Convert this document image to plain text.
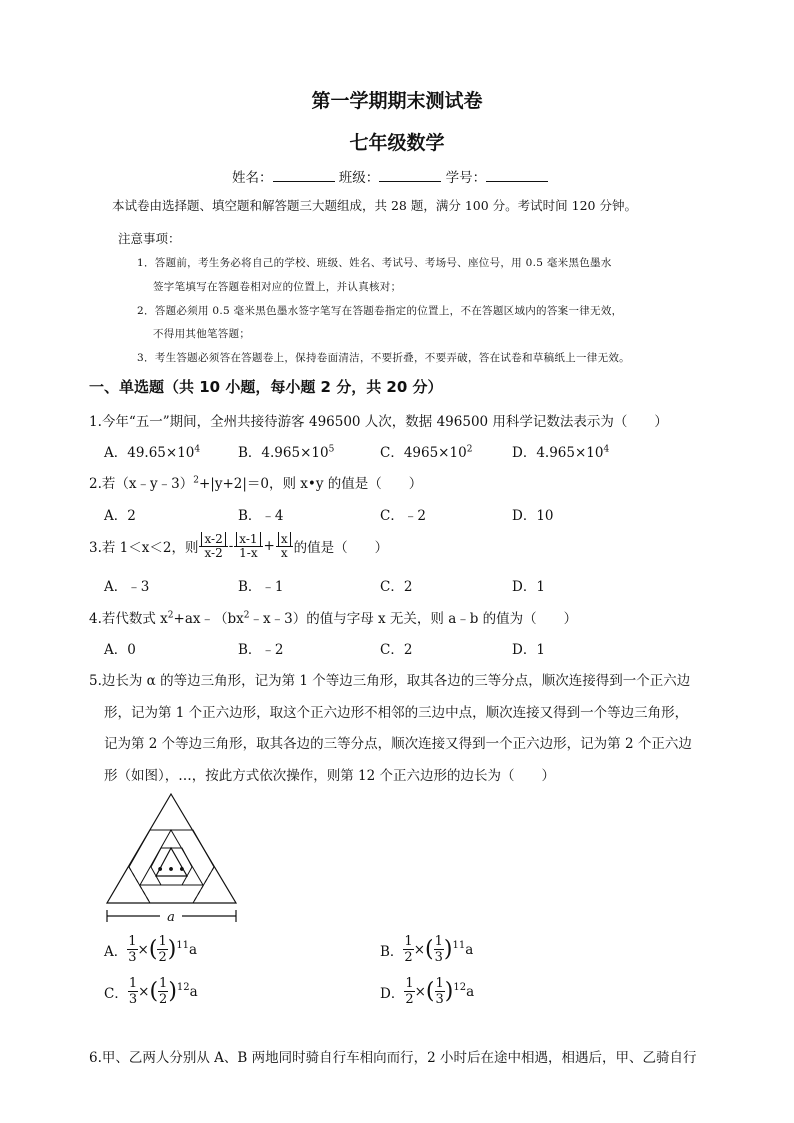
第一学期期末测试卷
七年级数学
姓名：	班级：	学号：
本试卷由选择题、填空题和解答题三大题组成，共 28 题，满分 100 分。考试时间 120 分钟。
注意事项：
1．答题前，考生务必将自己的学校、班级、姓名、考试号、考场号、座位号，用 0.5 毫米黑色墨水
签字笔填写在答题卷相对应的位置上，并认真核对；
2．答题必须用 0.5 毫米黑色墨水签字笔写在答题卷指定的位置上，不在答题区域内的答案一律无效，
不得用其他笔答题；
3．考生答题必须答在答题卷上，保持卷面清洁，不要折叠，不要弄破，答在试卷和草稿纸上一律无效。
一、单选题（共 10 小题，每小题 2 分，共 20 分）
1.今年“五一”期间，全州共接待游客 496500 人次，数据 496500 用科学记数法表示为（　　）
A．$49.65\times 10^4$	B．$4.965\times 10^5$	C．$4965\times 10^2$	D．$4.965\times 10^4$
2.若（x﹣y﹣3）$^2$+|y+2|＝0，则 x•y 的值是（　　）
A．2	B．﹣4	C．﹣2	D．10
3.若 1＜x＜2，则 $\frac{x-2}{x-2} - \frac{x-1}{1-x} + \frac{x}{x}$ 的值是（　　）
A．﹣3	B．﹣1	C．2	D．1
4.若代数式 $x^2+ax﹣(bx^2﹣x﹣3)$的值与字母 x 无关，则 a﹣b 的值为（　　）
A．0	B．﹣2	C．2	D．1
5.边长为 α 的等边三角形，记为第 1 个等边三角形，取其各边的三等分点，顺次连接得到一个正六边
形，记为第 1 个正六边形，取这个正六边形不相邻的三边中点，顺次连接又得到一个等边三角形，
记为第 2 个等边三角形，取其各边的三等分点，顺次连接又得到一个正六边形，记为第 2 个正六边
形（如图），…，按此方式依次操作，则第 12 个正六边形的边长为（　　）
• • •
a
A． $\frac{1}{3}$ × ( 1
2 ) 11 a	B． $\frac{1}{2}$ × ( 1
3 ) 11 a
C． $\frac{1}{3}$ × ( 1
2 ) 12 a	D． $\frac{1}{2}$ × ( 1
3 ) 12 a
6.甲、乙两人分别从 A、B 两地同时骑自行车相向而行，2 小时后在途中相遇，相遇后，甲、乙骑自行
